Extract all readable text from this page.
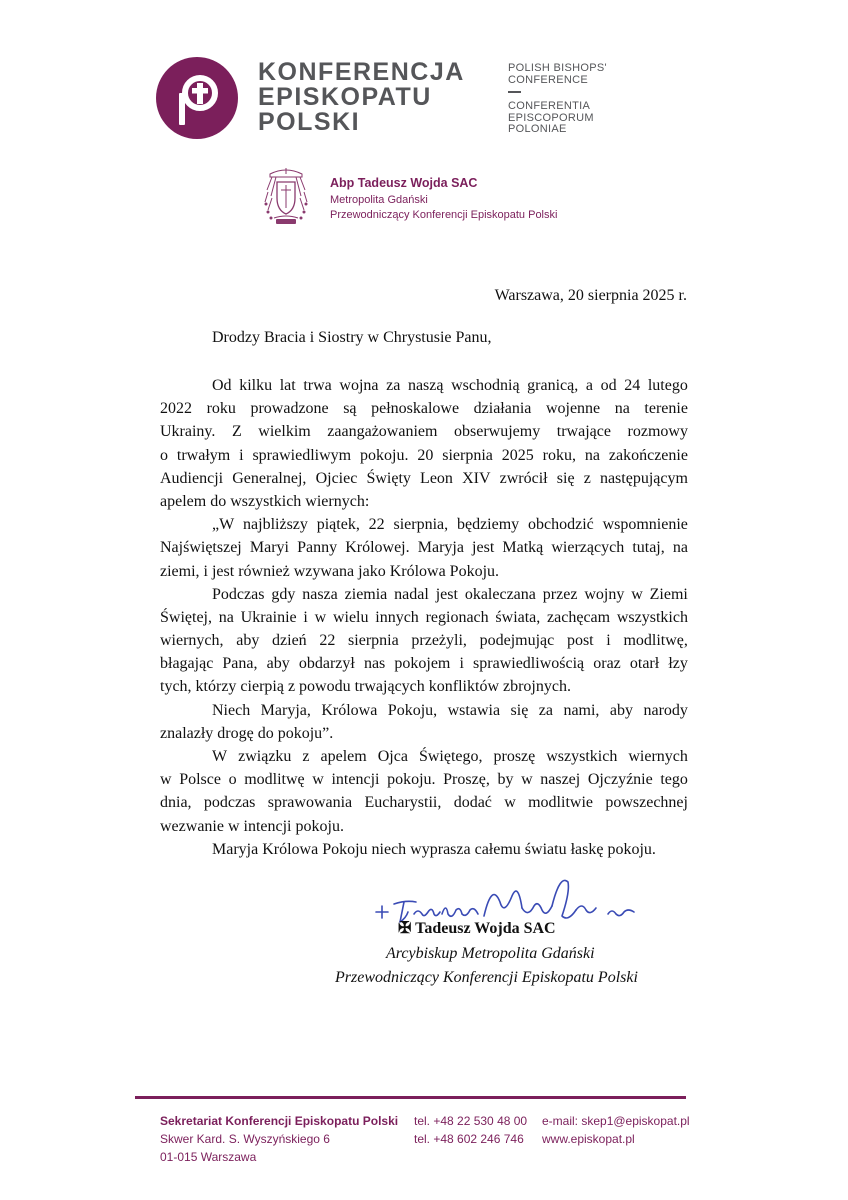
KONFERENCJA
EPISKOPATU
POLSKI
POLISH BISHOPS'
CONFERENCE
CONFERENTIA
EPISCOPORUM
POLONIAE
Abp Tadeusz Wojda SAC
Metropolita Gdański
Przewodniczący Konferencji Episkopatu Polski
Warszawa, 20 sierpnia 2025 r.
Drodzy Bracia i Siostry w Chrystusie Panu,
Od kilku lat trwa wojna za naszą wschodnią granicą, a od 24 lutego
2022 roku prowadzone są pełnoskalowe działania wojenne na terenie
Ukrainy. Z wielkim zaangażowaniem obserwujemy trwające rozmowy
o trwałym i sprawiedliwym pokoju. 20 sierpnia 2025 roku, na zakończenie
Audiencji Generalnej, Ojciec Święty Leon XIV zwrócił się z następującym
apelem do wszystkich wiernych:
„W najbliższy piątek, 22 sierpnia, będziemy obchodzić wspomnienie
Najświętszej Maryi Panny Królowej. Maryja jest Matką wierzących tutaj, na
ziemi, i jest również wzywana jako Królowa Pokoju.
Podczas gdy nasza ziemia nadal jest okaleczana przez wojny w Ziemi
Świętej, na Ukrainie i w wielu innych regionach świata, zachęcam wszystkich
wiernych, aby dzień 22 sierpnia przeżyli, podejmując post i modlitwę,
błagając Pana, aby obdarzył nas pokojem i sprawiedliwością oraz otarł łzy
tych, którzy cierpią z powodu trwających konfliktów zbrojnych.
Niech Maryja, Królowa Pokoju, wstawia się za nami, aby narody
znalazły drogę do pokoju”.
W związku z apelem Ojca Świętego, proszę wszystkich wiernych
w Polsce o modlitwę w intencji pokoju. Proszę, by w naszej Ojczyźnie tego
dnia, podczas sprawowania Eucharystii, dodać w modlitwie powszechnej
wezwanie w intencji pokoju.
Maryja Królowa Pokoju niech wyprasza całemu światu łaskę pokoju.
✠ Tadeusz Wojda SAC
Arcybiskup Metropolita Gdański
Przewodniczący Konferencji Episkopatu Polski
Sekretariat Konferencji Episkopatu Polski
Skwer Kard. S. Wyszyńskiego 6
01-015 Warszawa
tel. +48 22 530 48 00
tel. +48 602 246 746
e-mail: skep1@episkopat.pl
www.episkopat.pl
